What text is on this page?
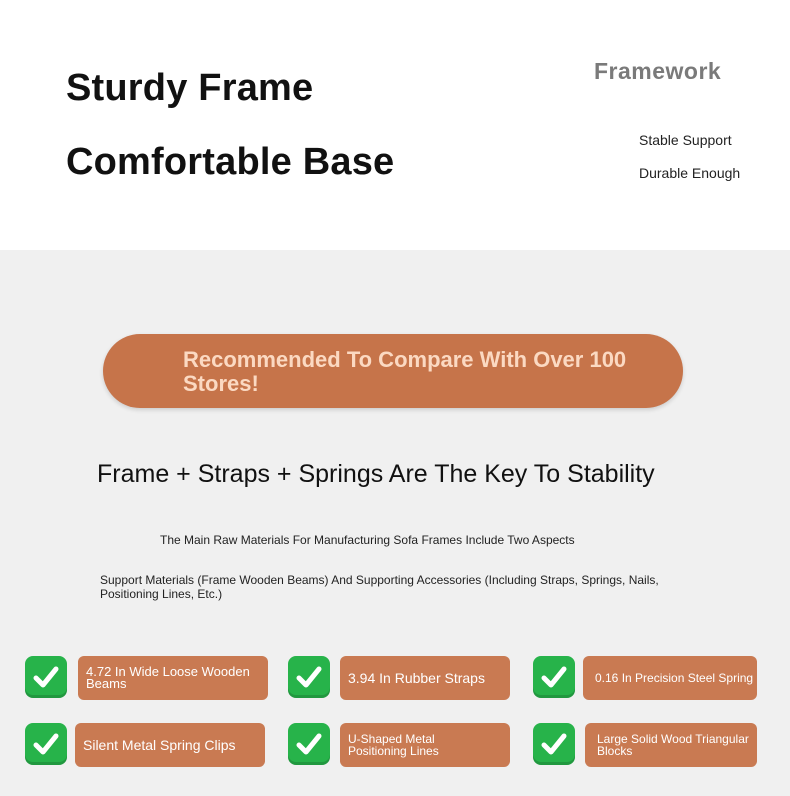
Sturdy Frame
Comfortable Base
Framework
Stable Support
Durable Enough
Recommended To Compare With Over 100 Stores!
Frame + Straps + Springs Are The Key To Stability
The Main Raw Materials For Manufacturing Sofa Frames Include Two Aspects
Support Materials (Frame Wooden Beams) And Supporting Accessories (Including Straps, Springs, Nails, Positioning Lines, Etc.)
4.72 In Wide Loose Wooden Beams	3.94 In Rubber Straps	0.16 In Precision Steel Spring
Silent Metal Spring Clips	U-Shaped Metal Positioning Lines
Large Solid Wood Triangular Blocks
